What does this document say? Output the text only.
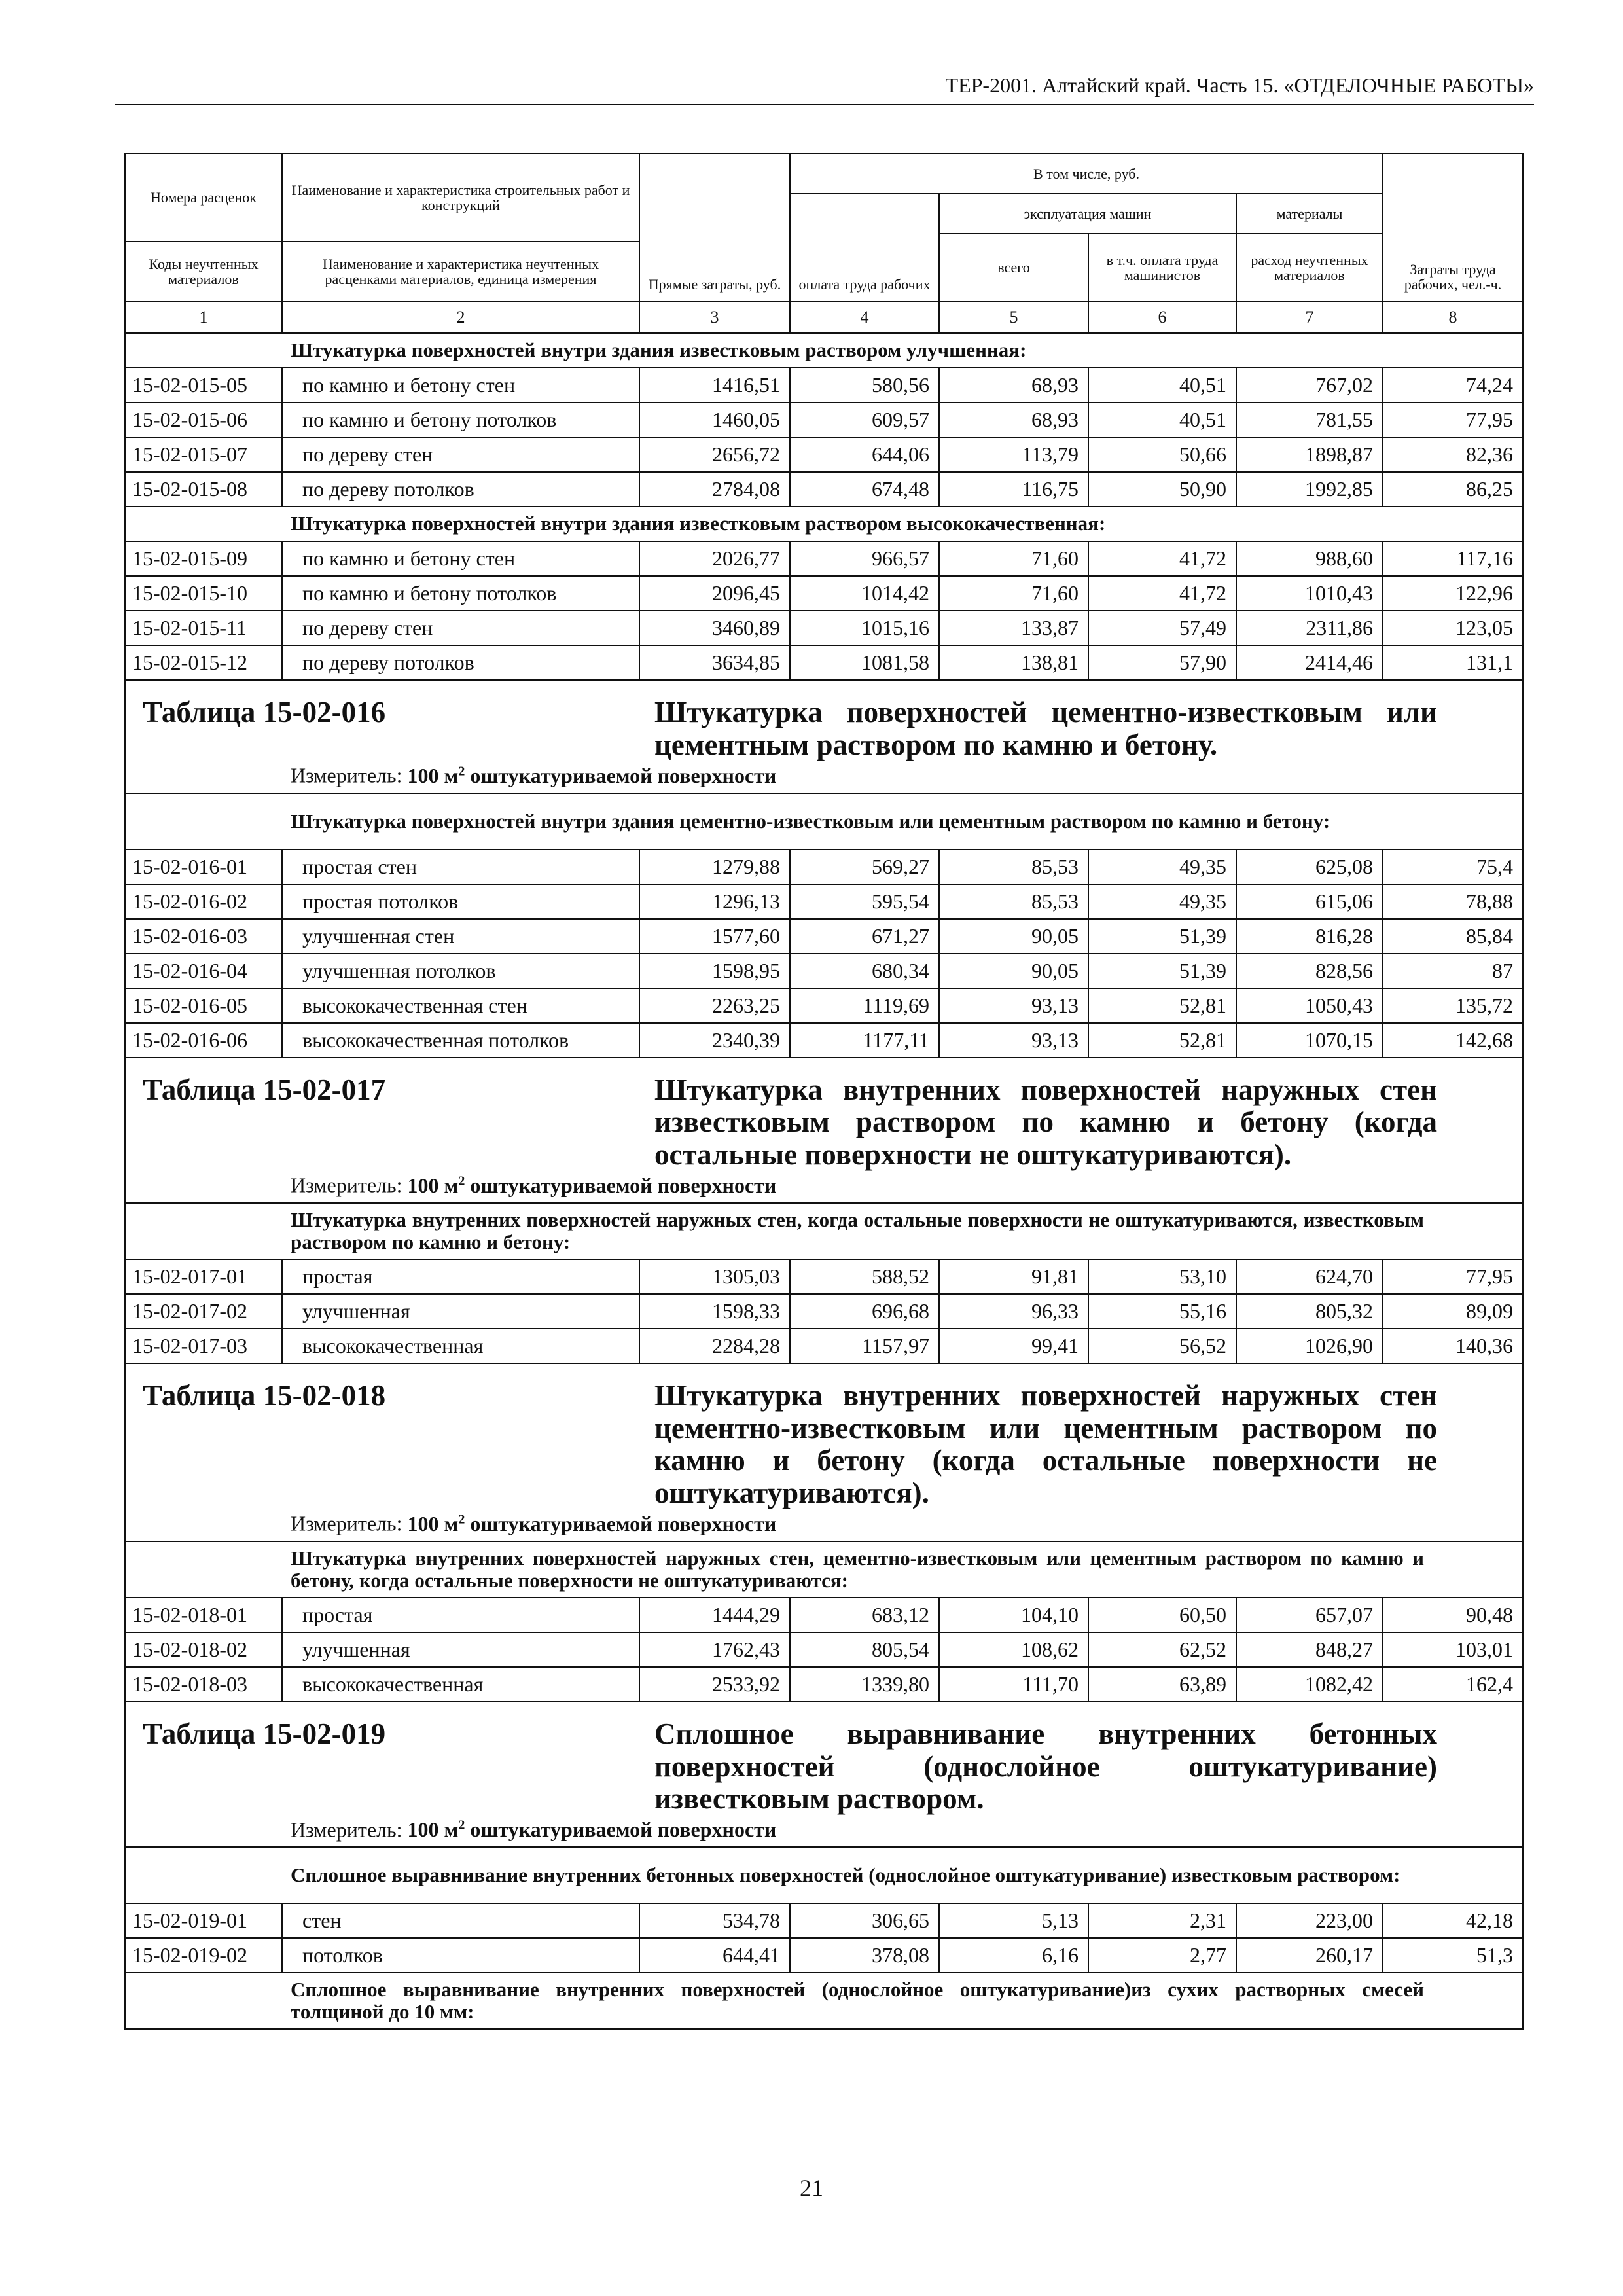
ТЕР-2001. Алтайский край. Часть 15. «ОТДЕЛОЧНЫЕ РАБОТЫ»
Номера расценок	Наименование и характеристика строительных работ и конструкций	Прямые затраты, руб.	В том числе, руб.				Затраты труда рабочих, чел.-ч.
			оплата труда рабочих	эксплуатация машин		материалы	
				всего	в т.ч. оплата труда машинистов	расход неучтенных материалов	
Коды неучтенных материалов	Наименование и характеристика неучтенных расценками материалов, единица измерения						
1	2	3	4	5	6	7	8
Штукатурка поверхностей внутри здания известковым раствором улучшенная:							
15-02-015-05	по камню и бетону стен	1416,51	580,56	68,93	40,51	767,02	74,24
15-02-015-06	по камню и бетону потолков	1460,05	609,57	68,93	40,51	781,55	77,95
15-02-015-07	по дереву стен	2656,72	644,06	113,79	50,66	1898,87	82,36
15-02-015-08	по дереву потолков	2784,08	674,48	116,75	50,90	1992,85	86,25
Штукатурка поверхностей внутри здания известковым раствором высококачественная:							
15-02-015-09	по камню и бетону стен	2026,77	966,57	71,60	41,72	988,60	117,16
15-02-015-10	по камню и бетону потолков	2096,45	1014,42	71,60	41,72	1010,43	122,96
15-02-015-11	по дереву стен	3460,89	1015,16	133,87	57,49	2311,86	123,05
15-02-015-12	по дереву потолков	3634,85	1081,58	138,81	57,90	2414,46	131,1

Таблица 15-02-016 Штукатурка поверхностей цементно-известковым или цементным раствором по камню и бетону.
Измеритель: 100 $м^2$ оштукатуриваемой поверхности							

Штукатурка поверхностей внутри здания цементно-известковым или цементным раствором по камню и бетону:							
15-02-016-01	простая стен	1279,88	569,27	85,53	49,35	625,08	75,4
15-02-016-02	простая потолков	1296,13	595,54	85,53	49,35	615,06	78,88
15-02-016-03	улучшенная стен	1577,60	671,27	90,05	51,39	816,28	85,84
15-02-016-04	улучшенная потолков	1598,95	680,34	90,05	51,39	828,56	87
15-02-016-05	высококачественная стен	2263,25	1119,69	93,13	52,81	1050,43	135,72
15-02-016-06	высококачественная потолков	2340,39	1177,11	93,13	52,81	1070,15	142,68

Таблица 15-02-017 Штукатурка внутренних поверхностей наружных стен известковым раствором по камню и бетону (когда остальные поверхности не оштукатуриваются).
Измеритель: 100 $м^2$ оштукатуриваемой поверхности							

Штукатурка внутренних поверхностей наружных стен, когда остальные поверхности не оштукатуриваются, известковым раствором по камню и бетону:							
15-02-017-01	простая	1305,03	588,52	91,81	53,10	624,70	77,95
15-02-017-02	улучшенная	1598,33	696,68	96,33	55,16	805,32	89,09
15-02-017-03	высококачественная	2284,28	1157,97	99,41	56,52	1026,90	140,36

Таблица 15-02-018 Штукатурка внутренних поверхностей наружных стен цементно-известковым или цементным раствором по камню и бетону (когда остальные поверхности не оштукатуриваются).
Измеритель: 100 $м^2$ оштукатуриваемой поверхности							

Штукатурка внутренних поверхностей наружных стен, цементно-известковым или цементным раствором по камню и бетону, когда остальные поверхности не оштукатуриваются:							
15-02-018-01	простая	1444,29	683,12	104,10	60,50	657,07	90,48
15-02-018-02	улучшенная	1762,43	805,54	108,62	62,52	848,27	103,01
15-02-018-03	высококачественная	2533,92	1339,80	111,70	63,89	1082,42	162,4

Таблица 15-02-019 Сплошное выравнивание внутренних бетонных поверхностей (однослойное оштукатуривание) известковым раствором.
Измеритель: 100 $м^2$ оштукатуриваемой поверхности							

Сплошное выравнивание внутренних бетонных поверхностей (однослойное оштукатуривание) известковым раствором:							
15-02-019-01	стен	534,78	306,65	5,13	2,31	223,00	42,18
15-02-019-02	потолков	644,41	378,08	6,16	2,77	260,17	51,3
Сплошное выравнивание внутренних поверхностей (однослойное оштукатуривание)из сухих растворных смесей толщиной до 10 мм:							
21
